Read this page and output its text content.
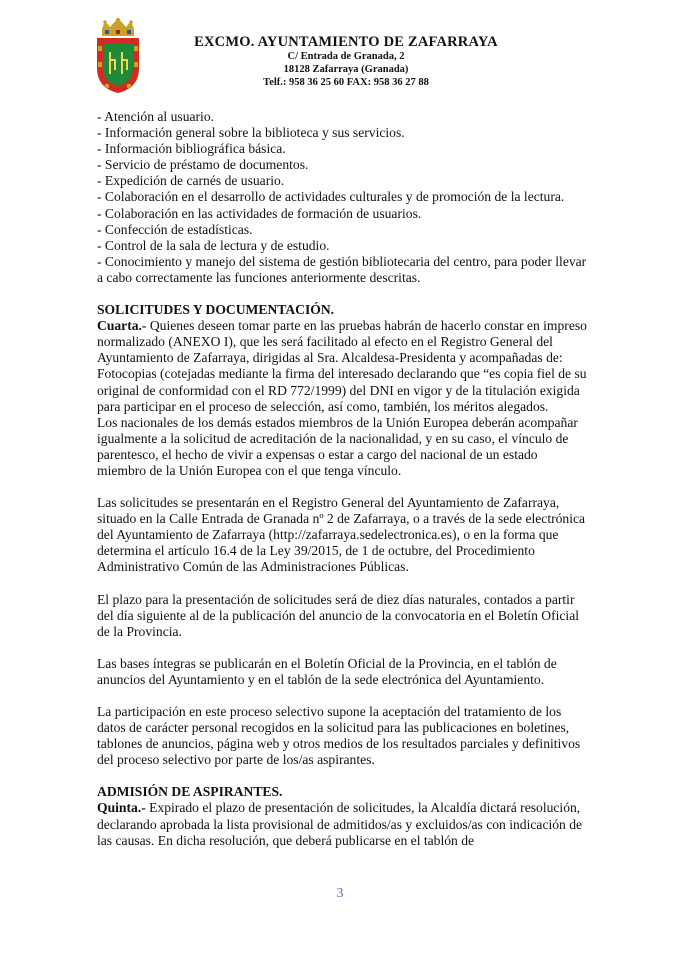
EXCMO. AYUNTAMIENTO DE ZAFARRAYA
C/ Entrada de Granada, 2
18128 Zafarraya (Granada)
Telf.: 958 36 25 60 FAX: 958 36 27 88

- Atención al usuario.

- Información general sobre la biblioteca y sus servicios.

- Información bibliográfica básica.

- Servicio de préstamo de documentos.

- Expedición de carnés de usuario.

- Colaboración en el desarrollo de actividades culturales y de promoción de la lectura.

- Colaboración en las actividades de formación de usuarios.

- Confección de estadísticas.

- Control de la sala de lectura y de estudio.

- Conocimiento y manejo del sistema de gestión bibliotecaria del centro, para poder llevar a cabo correctamente las funciones anteriormente descritas.

SOLICITUDES Y DOCUMENTACIÓN.

Cuarta.- Quienes deseen tomar parte en las pruebas habrán de hacerlo constar en impreso normalizado (ANEXO I), que les será facilitado al efecto en el Registro General del Ayuntamiento de Zafarraya, dirigidas al Sra. Alcaldesa-Presidenta y acompañadas de:

Fotocopias (cotejadas mediante la firma del interesado declarando que “es copia fiel de su original de conformidad con el RD 772/1999) del DNI en vigor y de la titulación exigida para participar en el proceso de selección, así como, también, los méritos alegados.

Los nacionales de los demás estados miembros de la Unión Europea deberán acompañar igualmente a la solicitud de acreditación de la nacionalidad, y en su caso, el vínculo de parentesco, el hecho de vivir a expensas o estar a cargo del nacional de un estado miembro de la Unión Europea con el que tenga vínculo.

Las solicitudes se presentarán en el Registro General del Ayuntamiento de Zafarraya, situado en la Calle Entrada de Granada nº 2 de Zafarraya, o a través de la sede electrónica del Ayuntamiento de Zafarraya (http://zafarraya.sedelectronica.es), o en la forma que determina el artículo 16.4 de la Ley 39/2015, de 1 de octubre, del Procedimiento Administrativo Común de las Administraciones Públicas.

El plazo para la presentación de solicitudes será de diez días naturales, contados a partir del día siguiente al de la publicación del anuncio de la convocatoria en el Boletín Oficial de la Provincia.

Las bases íntegras se publicarán en el Boletín Oficial de la Provincia, en el tablón de anuncios del Ayuntamiento y en el tablón de la sede electrónica del Ayuntamiento.

La participación en este proceso selectivo supone la aceptación del tratamiento de los datos de carácter personal recogidos en la solicitud para las publicaciones en boletines, tablones de anuncios, página web y otros medios de los resultados parciales y definitivos del proceso selectivo por parte de los/as aspirantes.

ADMISIÓN DE ASPIRANTES.

Quinta.- Expirado el plazo de presentación de solicitudes, la Alcaldía dictará resolución, declarando aprobada la lista provisional de admitidos/as y excluidos/as con indicación de las causas. En dicha resolución, que deberá publicarse en el tablón de

3
